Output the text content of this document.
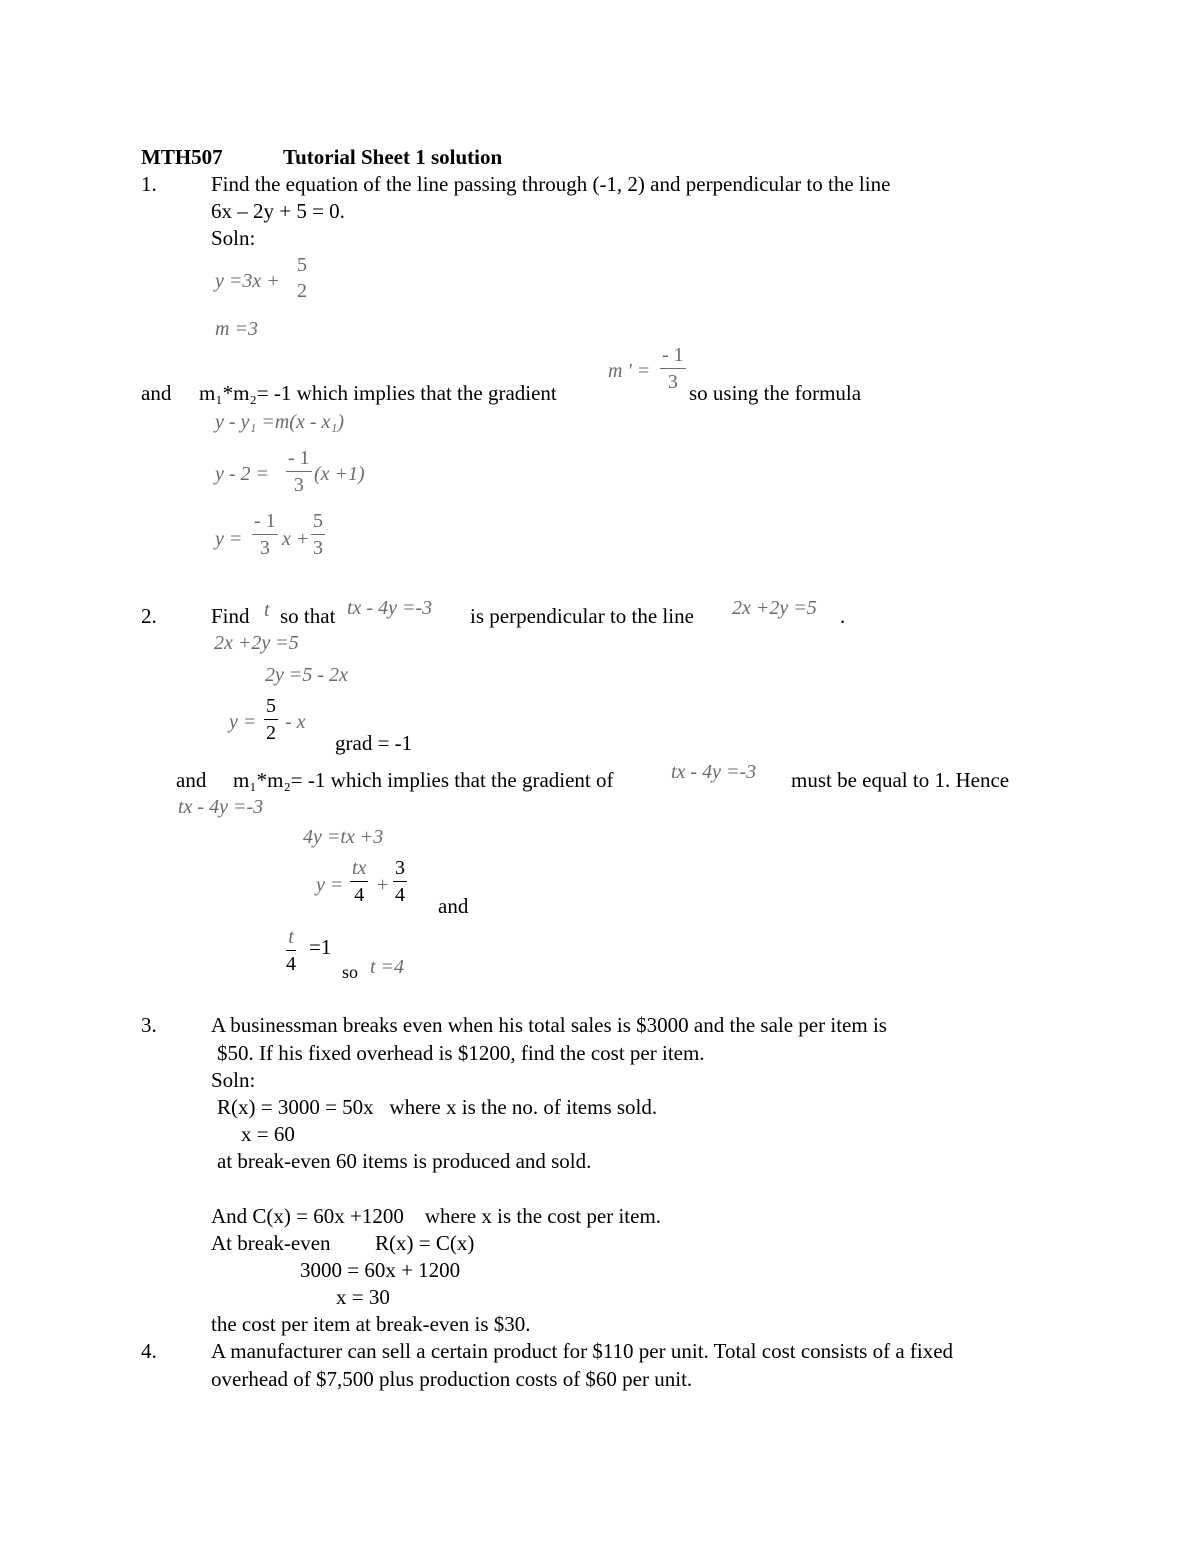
MTH507	Tutorial Sheet 1 solution
1.	Find the equation of the line passing through (-1, 2) and perpendicular to the line
6x – 2y + 5 = 0.
Soln:
y =3x +
5
2
m =3
m ' = $\frac{- 1}{3}$
and m₁*m₂= -1 which implies that the gradient	so using the formula
y - y₁ =m(x - x₁)
$y - 2 = \frac{- 1}{3} (x +1)$
$y = \frac{- 1}{3}$ $x + \frac{5}{3}$
2.	Find t so that tx - 4y =-3 is perpendicular to the line 2x +2y =5 .
2x +2y =5
2y =5 - 2x
$y = \frac{5}{2} - x$
grad = -1
and m₁*m₂= -1 which implies that the gradient of	tx - 4y =-3 must be equal to 1. Hence
tx - 4y =-3
4y =tx +3
$y = \frac{tx}{4} + \frac{3}{4}$
and
$\frac{t}{4} =1$
so t =4
3.	A businessman breaks even when his total sales is $3000 and the sale per item is
$50. If his fixed overhead is $1200, find the cost per item.
Soln:
R(x) = 3000 = 50x   where x is the no. of items sold.
x = 60
at break-even 60 items is produced and sold.
And C(x) = 60x +1200    where x is the cost per item.
At break-even R(x) = C(x)
3000 = 60x + 1200
x = 30
the cost per item at break-even is $30.
4.	A manufacturer can sell a certain product for $110 per unit. Total cost consists of a fixed
overhead of $7,500 plus production costs of $60 per unit.
